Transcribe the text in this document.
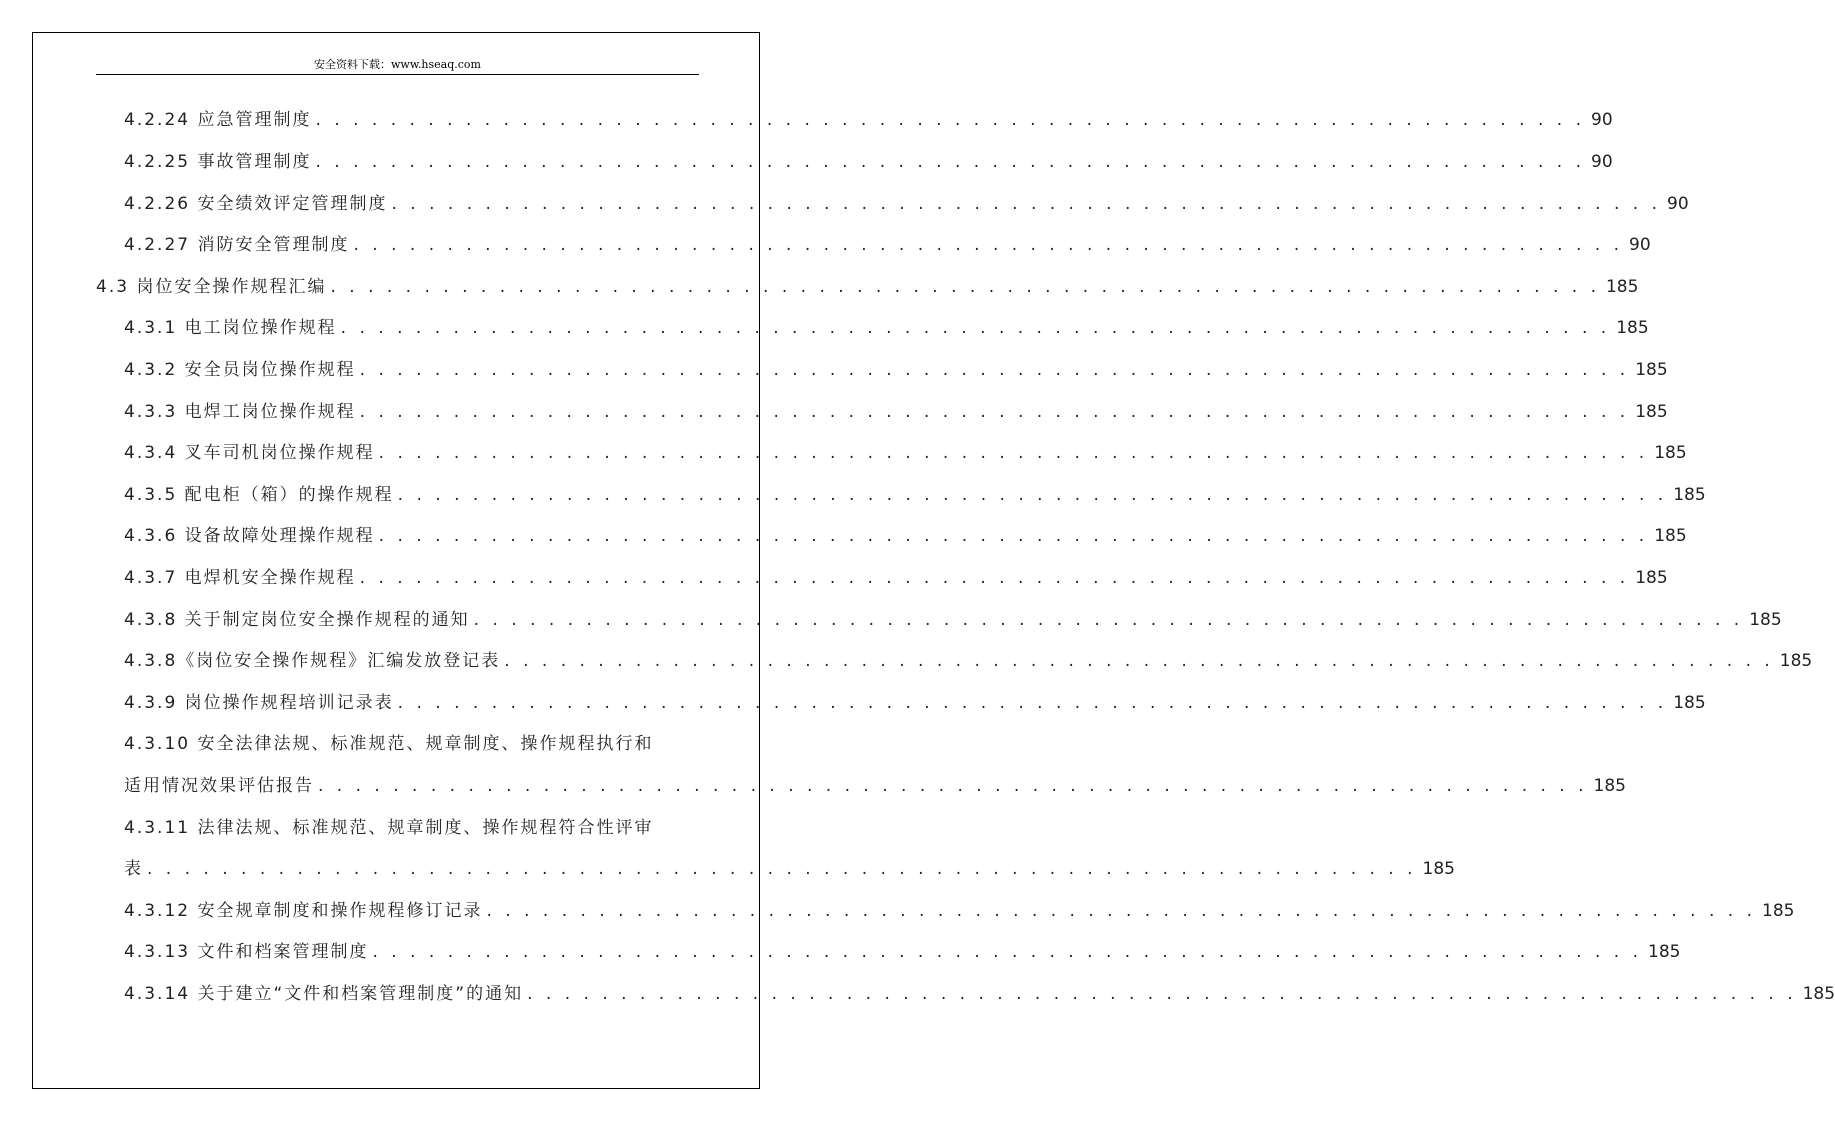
安全资料下载：www.hseaq.com
4.2.24 应急管理制度 . . . . . . . . . . . . . . . . . . . . . . . . . . . . . . . . . . . . . . . . . . . . . . . . . . . . . . . . . . . . . . . . . . . . 90
4.2.25 事故管理制度 . . . . . . . . . . . . . . . . . . . . . . . . . . . . . . . . . . . . . . . . . . . . . . . . . . . . . . . . . . . . . . . . . . . . 90
4.2.26 安全绩效评定管理制度 . . . . . . . . . . . . . . . . . . . . . . . . . . . . . . . . . . . . . . . . . . . . . . . . . . . . . . . . . . . . . . . . . . . . 90
4.2.27 消防安全管理制度 . . . . . . . . . . . . . . . . . . . . . . . . . . . . . . . . . . . . . . . . . . . . . . . . . . . . . . . . . . . . . . . . . . . . 90
4.3 岗位安全操作规程汇编 . . . . . . . . . . . . . . . . . . . . . . . . . . . . . . . . . . . . . . . . . . . . . . . . . . . . . . . . . . . . . . . . . . . . 185
4.3.1 电工岗位操作规程 . . . . . . . . . . . . . . . . . . . . . . . . . . . . . . . . . . . . . . . . . . . . . . . . . . . . . . . . . . . . . . . . . . . . 185
4.3.2 安全员岗位操作规程 . . . . . . . . . . . . . . . . . . . . . . . . . . . . . . . . . . . . . . . . . . . . . . . . . . . . . . . . . . . . . . . . . . . . 185
4.3.3 电焊工岗位操作规程 . . . . . . . . . . . . . . . . . . . . . . . . . . . . . . . . . . . . . . . . . . . . . . . . . . . . . . . . . . . . . . . . . . . . 185
4.3.4 叉车司机岗位操作规程 . . . . . . . . . . . . . . . . . . . . . . . . . . . . . . . . . . . . . . . . . . . . . . . . . . . . . . . . . . . . . . . . . . . . 185
4.3.5 配电柜（箱）的操作规程 . . . . . . . . . . . . . . . . . . . . . . . . . . . . . . . . . . . . . . . . . . . . . . . . . . . . . . . . . . . . . . . . . . . . 185
4.3.6 设备故障处理操作规程 . . . . . . . . . . . . . . . . . . . . . . . . . . . . . . . . . . . . . . . . . . . . . . . . . . . . . . . . . . . . . . . . . . . . 185
4.3.7 电焊机安全操作规程 . . . . . . . . . . . . . . . . . . . . . . . . . . . . . . . . . . . . . . . . . . . . . . . . . . . . . . . . . . . . . . . . . . . . 185
4.3.8 关于制定岗位安全操作规程的通知 . . . . . . . . . . . . . . . . . . . . . . . . . . . . . . . . . . . . . . . . . . . . . . . . . . . . . . . . . . . . . . . . . . . . 185
4.3.8《岗位安全操作规程》汇编发放登记表 . . . . . . . . . . . . . . . . . . . . . . . . . . . . . . . . . . . . . . . . . . . . . . . . . . . . . . . . . . . . . . . . . . . . 185
4.3.9 岗位操作规程培训记录表 . . . . . . . . . . . . . . . . . . . . . . . . . . . . . . . . . . . . . . . . . . . . . . . . . . . . . . . . . . . . . . . . . . . . 185
4.3.10 安全法律法规、标准规范、规章制度、操作规程执行和
适用情况效果评估报告 . . . . . . . . . . . . . . . . . . . . . . . . . . . . . . . . . . . . . . . . . . . . . . . . . . . . . . . . . . . . . . . . . . . . 185
4.3.11 法律法规、标准规范、规章制度、操作规程符合性评审
表 . . . . . . . . . . . . . . . . . . . . . . . . . . . . . . . . . . . . . . . . . . . . . . . . . . . . . . . . . . . . . . . . . . . . 185
4.3.12 安全规章制度和操作规程修订记录 . . . . . . . . . . . . . . . . . . . . . . . . . . . . . . . . . . . . . . . . . . . . . . . . . . . . . . . . . . . . . . . . . . . . 185
4.3.13 文件和档案管理制度 . . . . . . . . . . . . . . . . . . . . . . . . . . . . . . . . . . . . . . . . . . . . . . . . . . . . . . . . . . . . . . . . . . . . 185
4.3.14 关于建立“文件和档案管理制度”的通知 . . . . . . . . . . . . . . . . . . . . . . . . . . . . . . . . . . . . . . . . . . . . . . . . . . . . . . . . . . . . . . . . . . . . 185
